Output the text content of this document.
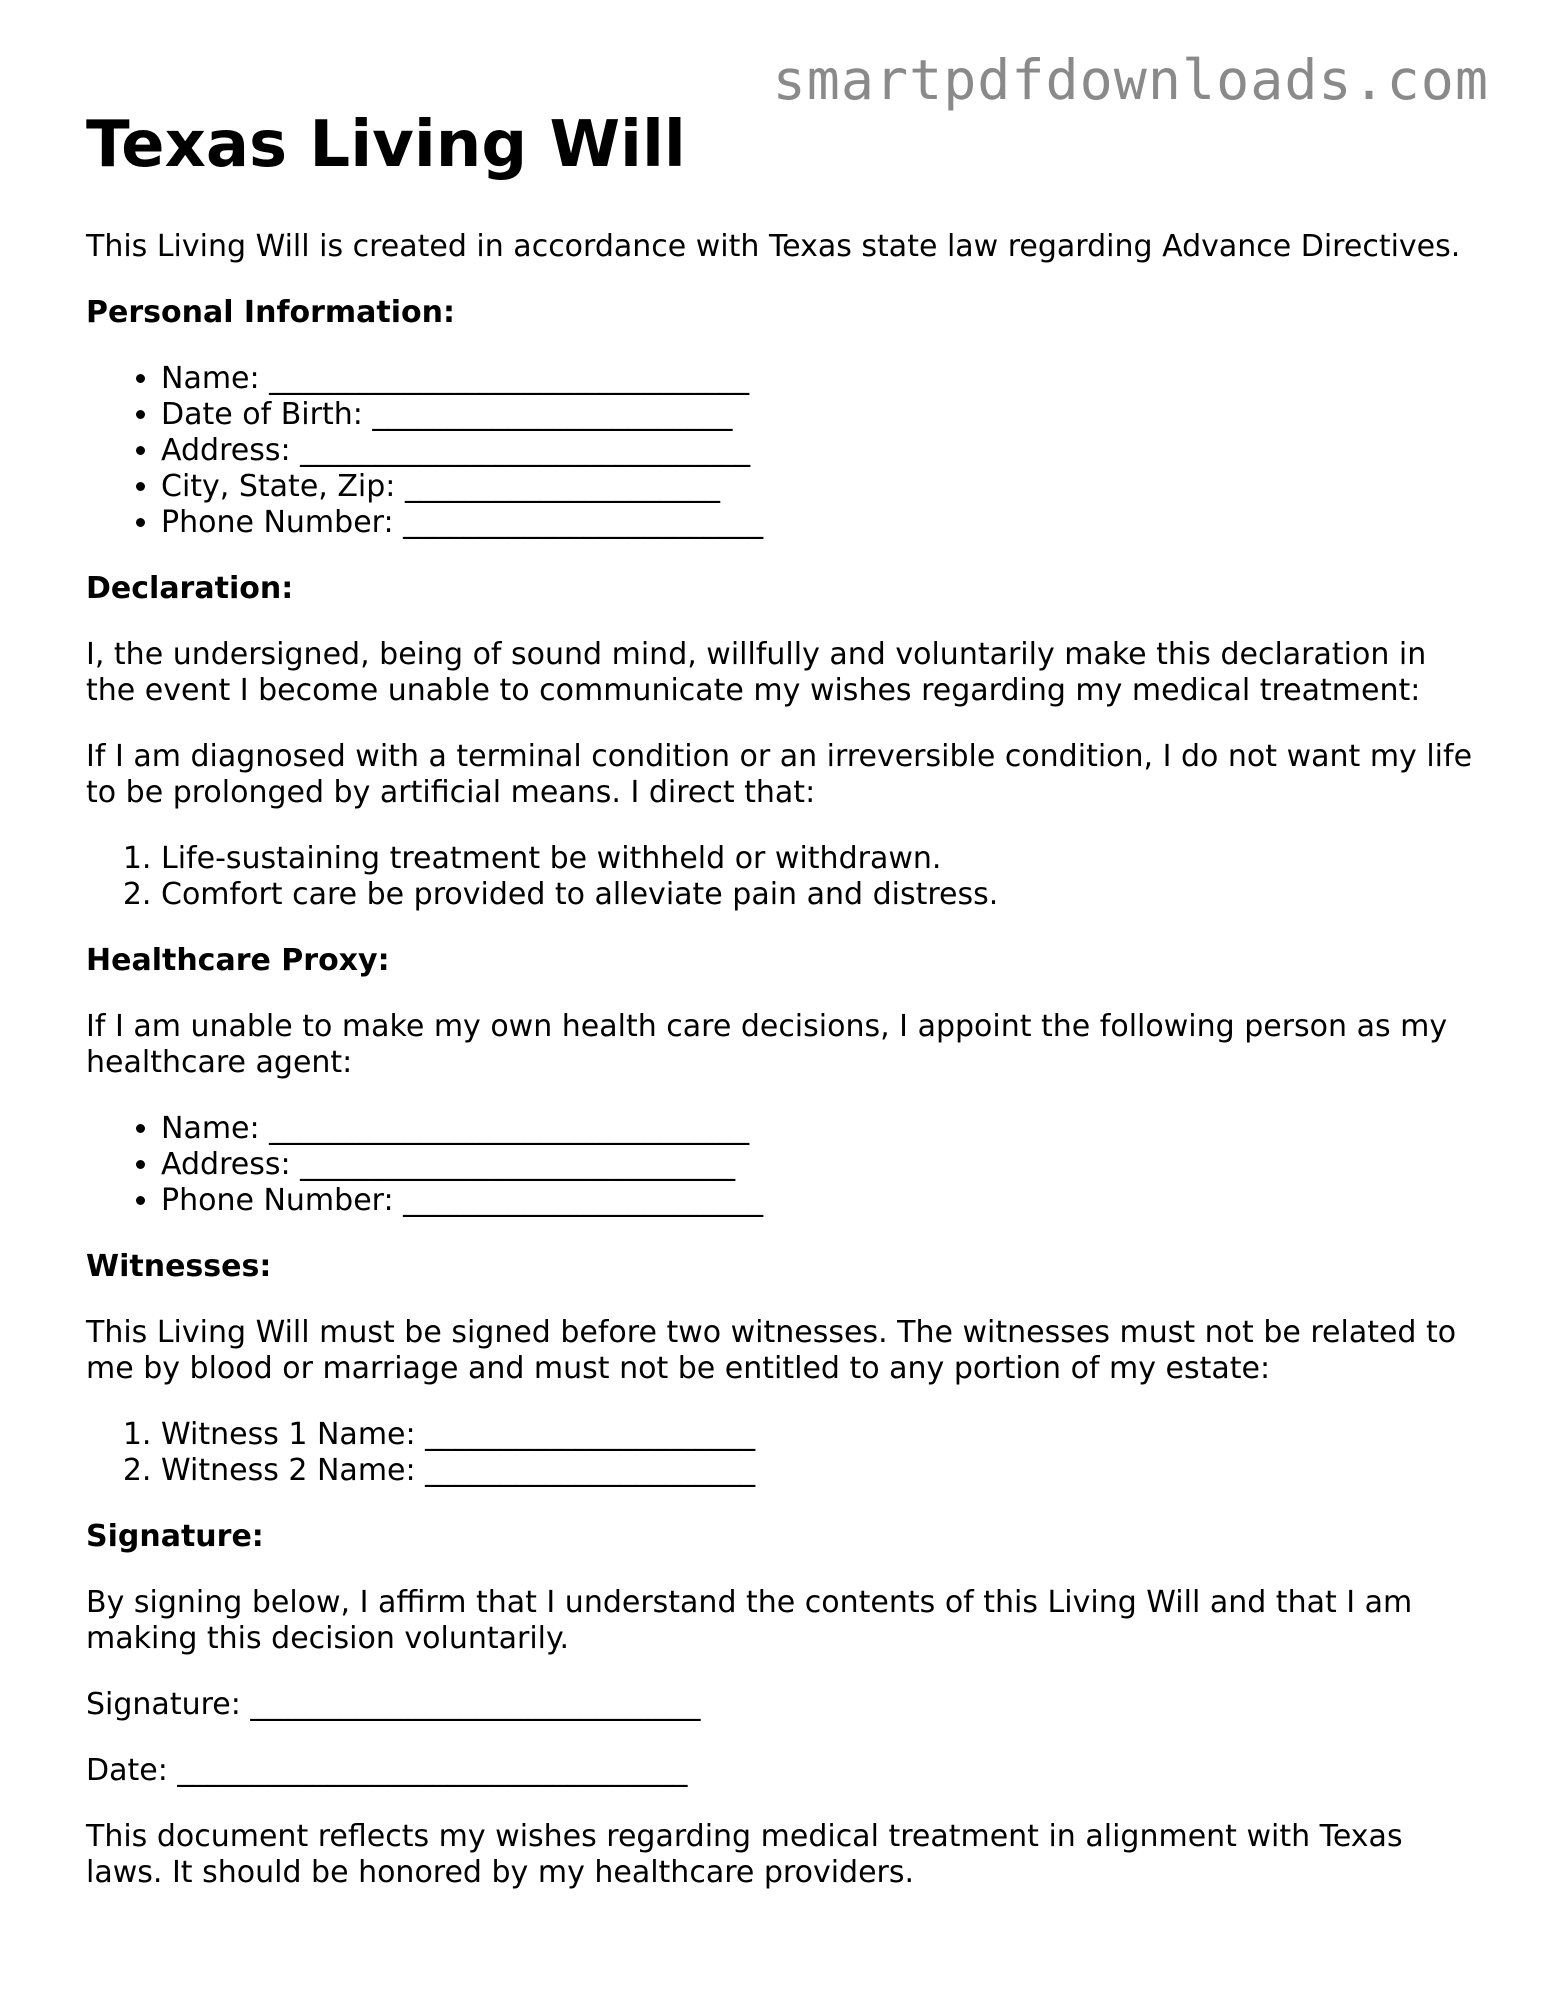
smartpdfdownloads.com
Texas Living Will

This Living Will is created in accordance with Texas state law regarding Advance Directives.

Personal Information:
• Name: ________________________________
• Date of Birth: ________________________
• Address: ______________________________
• City, State, Zip: _____________________
• Phone Number: ________________________
Declaration:

I, the undersigned, being of sound mind, willfully and voluntarily make this declaration in the event I become unable to communicate my wishes regarding my medical treatment:

If I am diagnosed with a terminal condition or an irreversible condition, I do not want my life to be prolonged by artificial means. I direct that:

1. Life-sustaining treatment be withheld or withdrawn.
2. Comfort care be provided to alleviate pain and distress.
Healthcare Proxy:

If I am unable to make my own health care decisions, I appoint the following person as my healthcare agent:

• Name: ________________________________
• Address: _____________________________
• Phone Number: ________________________
Witnesses:

This Living Will must be signed before two witnesses. The witnesses must not be related to me by blood or marriage and must not be entitled to any portion of my estate:

1. Witness 1 Name: ______________________
2. Witness 2 Name: ______________________
Signature:

By signing below, I affirm that I understand the contents of this Living Will and that I am making this decision voluntarily.

Signature: ______________________________

Date: __________________________________

This document reflects my wishes regarding medical treatment in alignment with Texas laws. It should be honored by my healthcare providers.
